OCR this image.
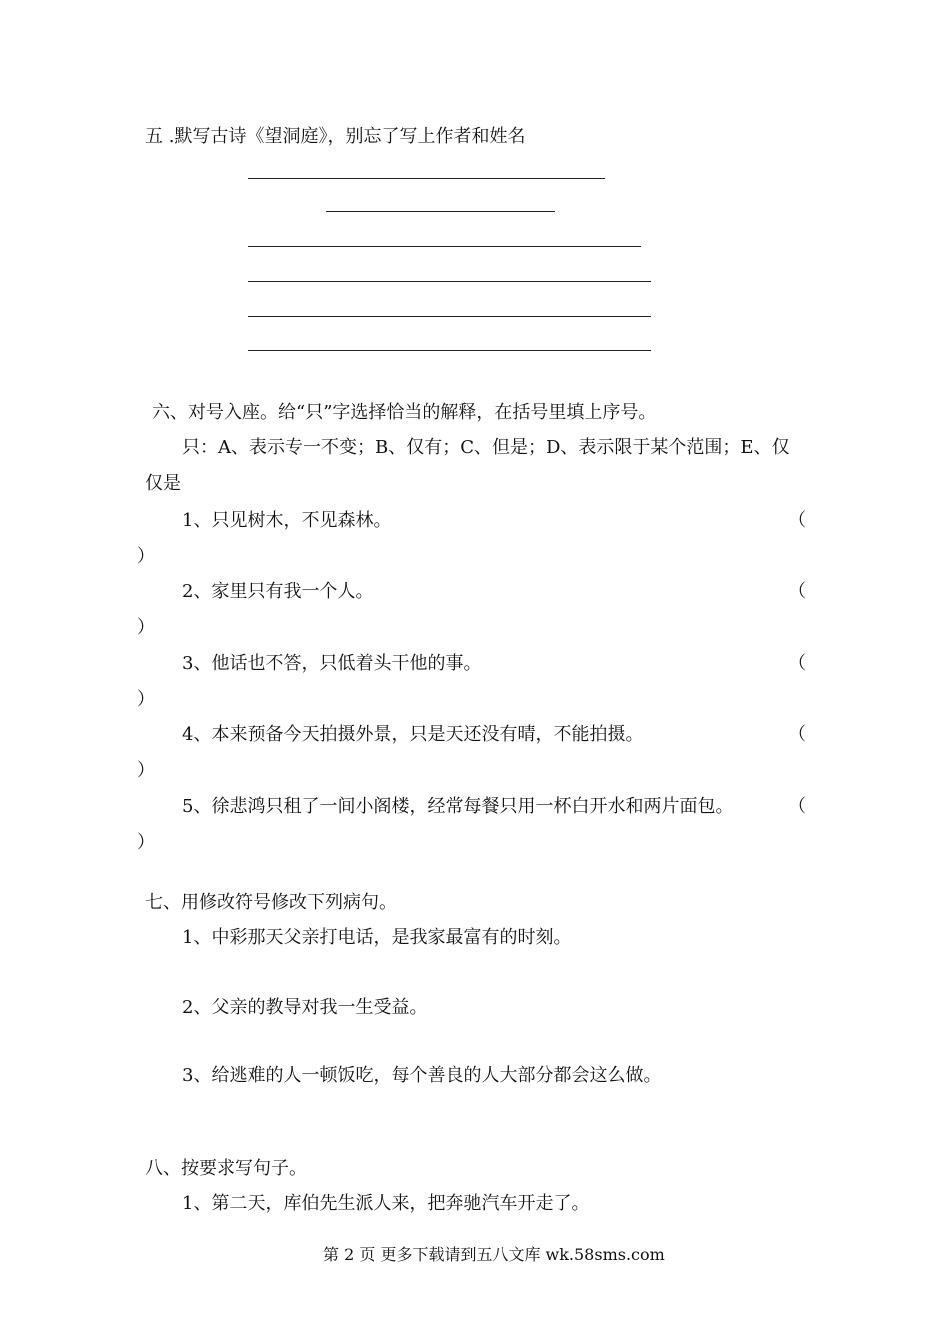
五 .默写古诗《望洞庭》，别忘了写上作者和姓名
六、对号入座。给“只”字选择恰当的解释，在括号里填上序号。
只：A、表示专一不变；B、仅有；C、但是；D、表示限于某个范围；E、仅
仅是
1、只见树木，不见森林。	（
）
2、家里只有我一个人。	（
）
3、他话也不答，只低着头干他的事。	（
）
4、本来预备今天拍摄外景，只是天还没有晴，不能拍摄。	（
）
5、徐悲鸿只租了一间小阁楼，经常每餐只用一杯白开水和两片面包。	（
）
七、用修改符号修改下列病句。
1、中彩那天父亲打电话，是我家最富有的时刻。
2、父亲的教导对我一生受益。
3、给逃难的人一顿饭吃，每个善良的人大部分都会这么做。
八、按要求写句子。
1、第二天，库伯先生派人来，把奔驰汽车开走了。
第 2 页 更多下载请到五八文库 wk.58sms.com
